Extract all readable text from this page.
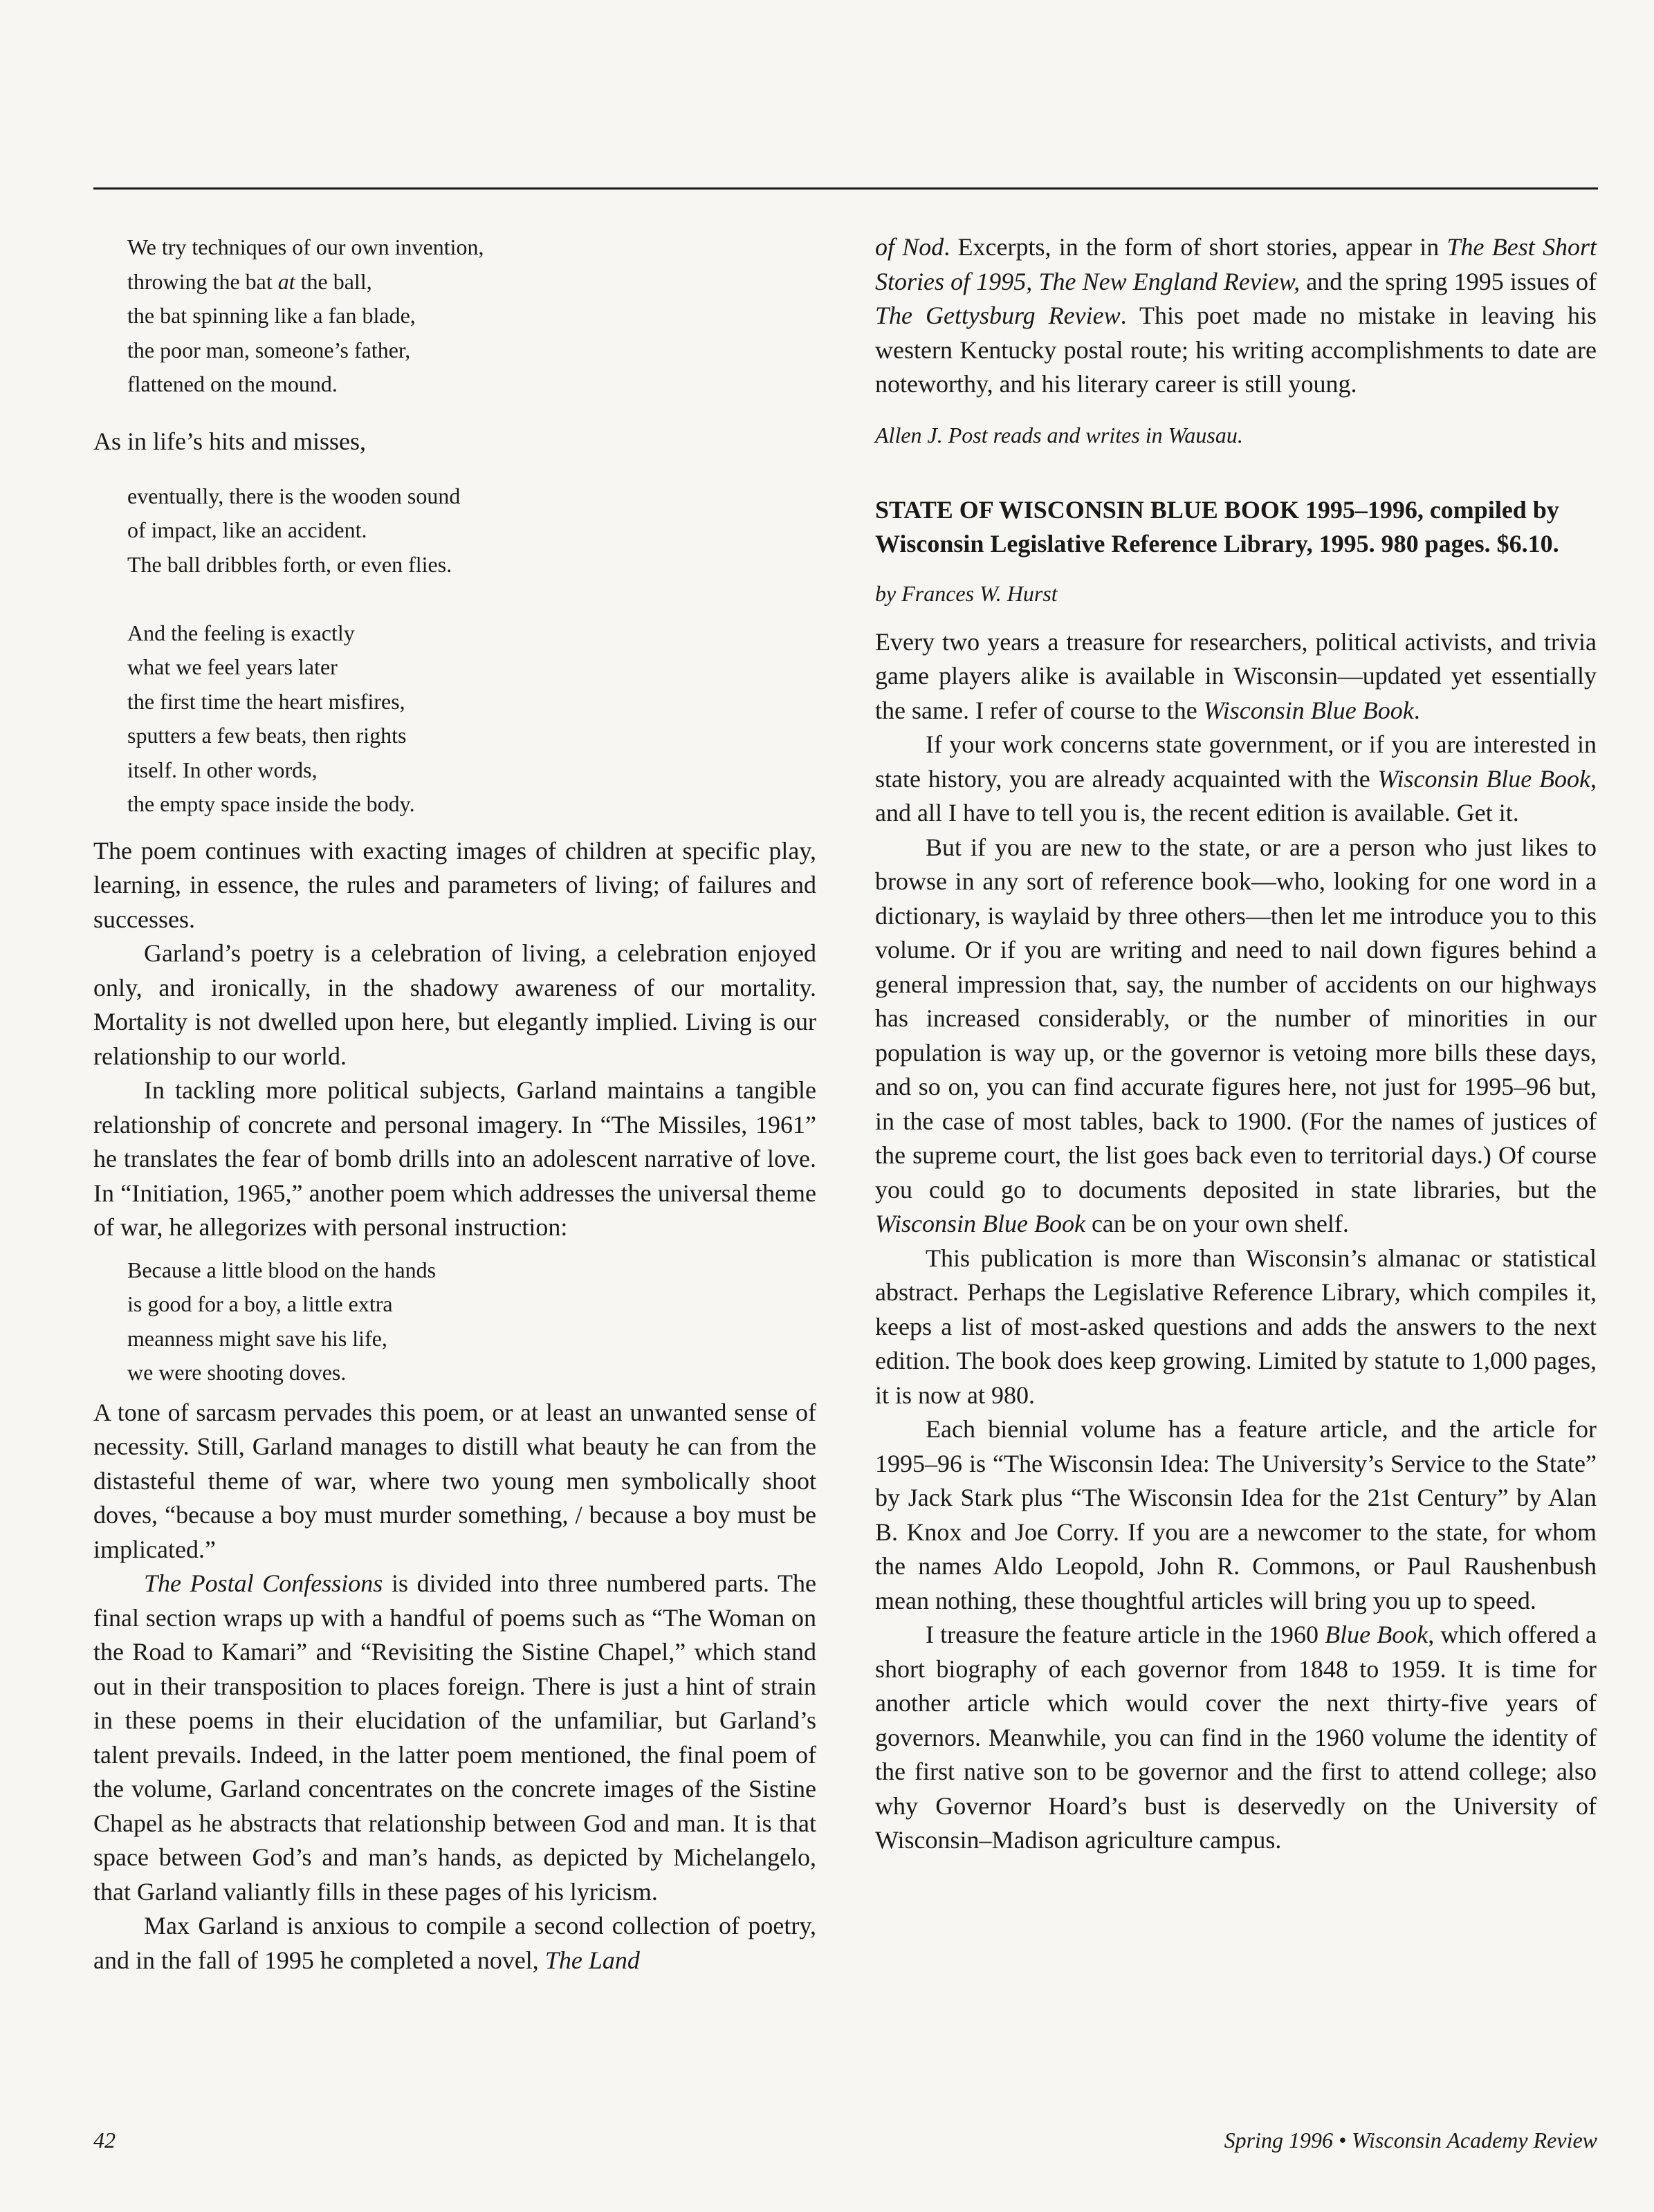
We try techniques of our own invention,
throwing the bat at the ball,
the bat spinning like a fan blade,
the poor man, someone’s father,
flattened on the mound.
As in life’s hits and misses,
eventually, there is the wooden sound
of impact, like an accident.
The ball dribbles forth, or even flies.
And the feeling is exactly
what we feel years later
the first time the heart misfires,
sputters a few beats, then rights
itself. In other words,
the empty space inside the body.

The poem continues with exacting images of children at specific play, learning, in essence, the rules and parameters of living; of failures and successes.

Garland’s poetry is a celebration of living, a celebration enjoyed only, and ironically, in the shadowy awareness of our mortality. Mortality is not dwelled upon here, but elegantly implied. Living is our relationship to our world.

In tackling more political subjects, Garland maintains a tangible relationship of concrete and personal imagery. In “The Missiles, 1961” he translates the fear of bomb drills into an adolescent narrative of love. In “Initiation, 1965,” another poem which addresses the universal theme of war, he allegorizes with personal instruction:

Because a little blood on the hands
is good for a boy, a little extra
meanness might save his life,
we were shooting doves.

A tone of sarcasm pervades this poem, or at least an unwanted sense of necessity. Still, Garland manages to distill what beauty he can from the distasteful theme of war, where two young men symbolically shoot doves, “because a boy must murder something, / because a boy must be implicated.”

The Postal Confessions is divided into three numbered parts. The final section wraps up with a handful of poems such as “The Woman on the Road to Kamari” and “Revisiting the Sistine Chapel,” which stand out in their transposition to places foreign. There is just a hint of strain in these poems in their elucidation of the unfamiliar, but Garland’s talent prevails. Indeed, in the latter poem mentioned, the final poem of the volume, Garland concentrates on the concrete images of the Sistine Chapel as he abstracts that relationship between God and man. It is that space between God’s and man’s hands, as depicted by Michelangelo, that Garland valiantly fills in these pages of his lyricism.

Max Garland is anxious to compile a second collection of poetry, and in the fall of 1995 he completed a novel, The Land

of Nod. Excerpts, in the form of short stories, appear in The Best Short Stories of 1995, The New England Review, and the spring 1995 issues of The Gettysburg Review. This poet made no mistake in leaving his western Kentucky postal route; his writing accomplishments to date are noteworthy, and his literary career is still young.

Allen J. Post reads and writes in Wausau.
STATE OF WISCONSIN BLUE BOOK 1995–1996, compiled by Wisconsin Legislative Reference Library, 1995. 980 pages. $6.10.
by Frances W. Hurst

Every two years a treasure for researchers, political activists, and trivia game players alike is available in Wisconsin—updated yet essentially the same. I refer of course to the Wisconsin Blue Book.

If your work concerns state government, or if you are interested in state history, you are already acquainted with the Wisconsin Blue Book, and all I have to tell you is, the recent edition is available. Get it.

But if you are new to the state, or are a person who just likes to browse in any sort of reference book—who, looking for one word in a dictionary, is waylaid by three others—then let me introduce you to this volume. Or if you are writing and need to nail down figures behind a general impression that, say, the number of accidents on our highways has increased considerably, or the number of minorities in our population is way up, or the governor is vetoing more bills these days, and so on, you can find accurate figures here, not just for 1995–96 but, in the case of most tables, back to 1900. (For the names of justices of the supreme court, the list goes back even to territorial days.) Of course you could go to documents deposited in state libraries, but the Wisconsin Blue Book can be on your own shelf.

This publication is more than Wisconsin’s almanac or statistical abstract. Perhaps the Legislative Reference Library, which compiles it, keeps a list of most-asked questions and adds the answers to the next edition. The book does keep growing. Limited by statute to 1,000 pages, it is now at 980.

Each biennial volume has a feature article, and the article for 1995–96 is “The Wisconsin Idea: The University’s Service to the State” by Jack Stark plus “The Wisconsin Idea for the 21st Century” by Alan B. Knox and Joe Corry. If you are a newcomer to the state, for whom the names Aldo Leopold, John R. Commons, or Paul Raushenbush mean nothing, these thoughtful articles will bring you up to speed.

I treasure the feature article in the 1960 Blue Book, which offered a short biography of each governor from 1848 to 1959. It is time for another article which would cover the next thirty-five years of governors. Meanwhile, you can find in the 1960 volume the identity of the first native son to be governor and the first to attend college; also why Governor Hoard’s bust is deservedly on the University of Wisconsin–Madison agriculture campus.

42	Spring 1996 • Wisconsin Academy Review
